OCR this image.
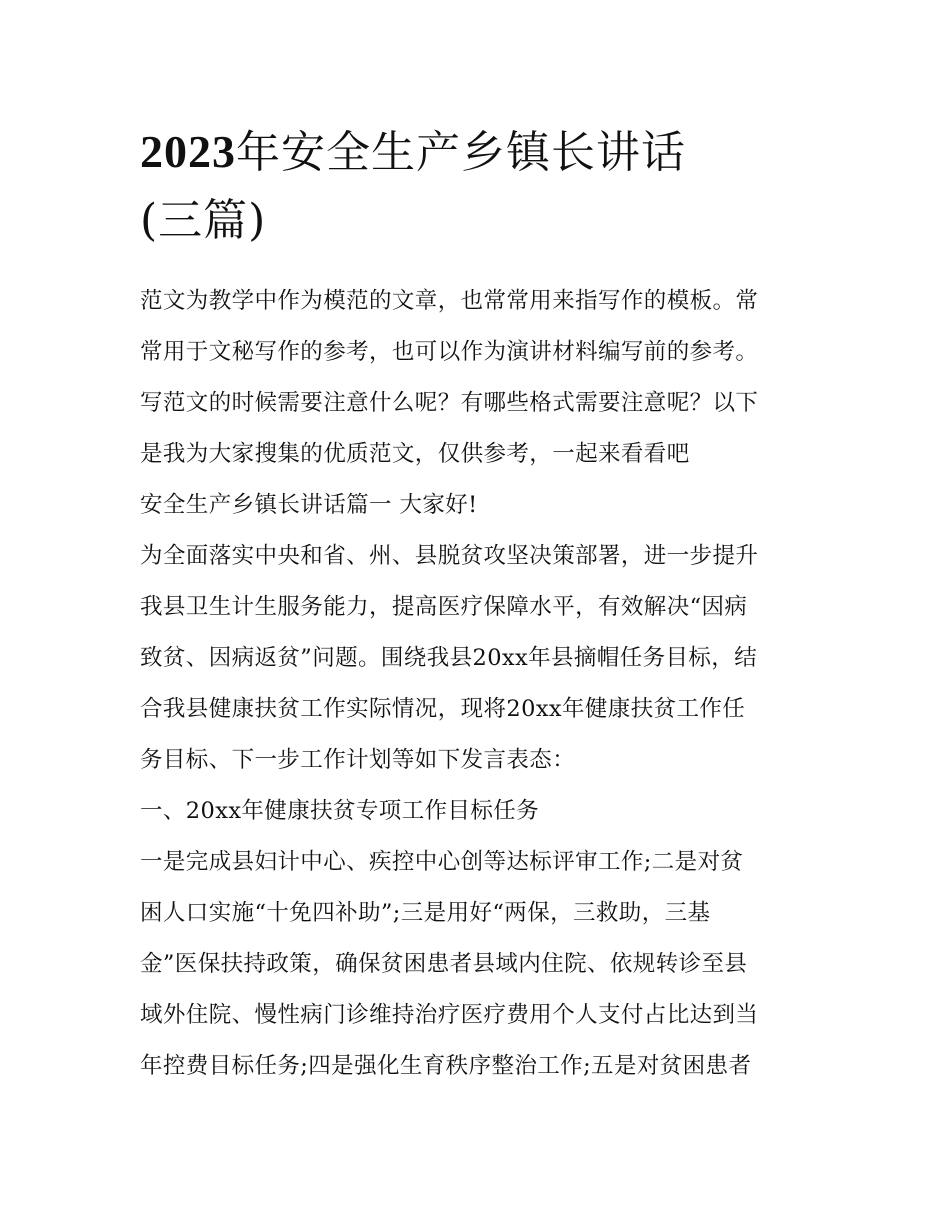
2023年安全生产乡镇长讲话
(三篇)

范文为教学中作为模范的文章，也常常用来指写作的模板。常

常用于文秘写作的参考，也可以作为演讲材料编写前的参考。

写范文的时候需要注意什么呢？有哪些格式需要注意呢？以下

是我为大家搜集的优质范文，仅供参考，一起来看看吧

安全生产乡镇长讲话篇一 大家好!

为全面落实中央和省、州、县脱贫攻坚决策部署，进一步提升

我县卫生计生服务能力，提高医疗保障水平，有效解决“因病

致贫、因病返贫”问题。围绕我县20xx年县摘帽任务目标，结

合我县健康扶贫工作实际情况，现将20xx年健康扶贫工作任

务目标、下一步工作计划等如下发言表态：

一、20xx年健康扶贫专项工作目标任务

一是完成县妇计中心、疾控中心创等达标评审工作;二是对贫

困人口实施“十免四补助”;三是用好“两保，三救助，三基

金”医保扶持政策，确保贫困患者县域内住院、依规转诊至县

域外住院、慢性病门诊维持治疗医疗费用个人支付占比达到当

年控费目标任务;四是强化生育秩序整治工作;五是对贫困患者
